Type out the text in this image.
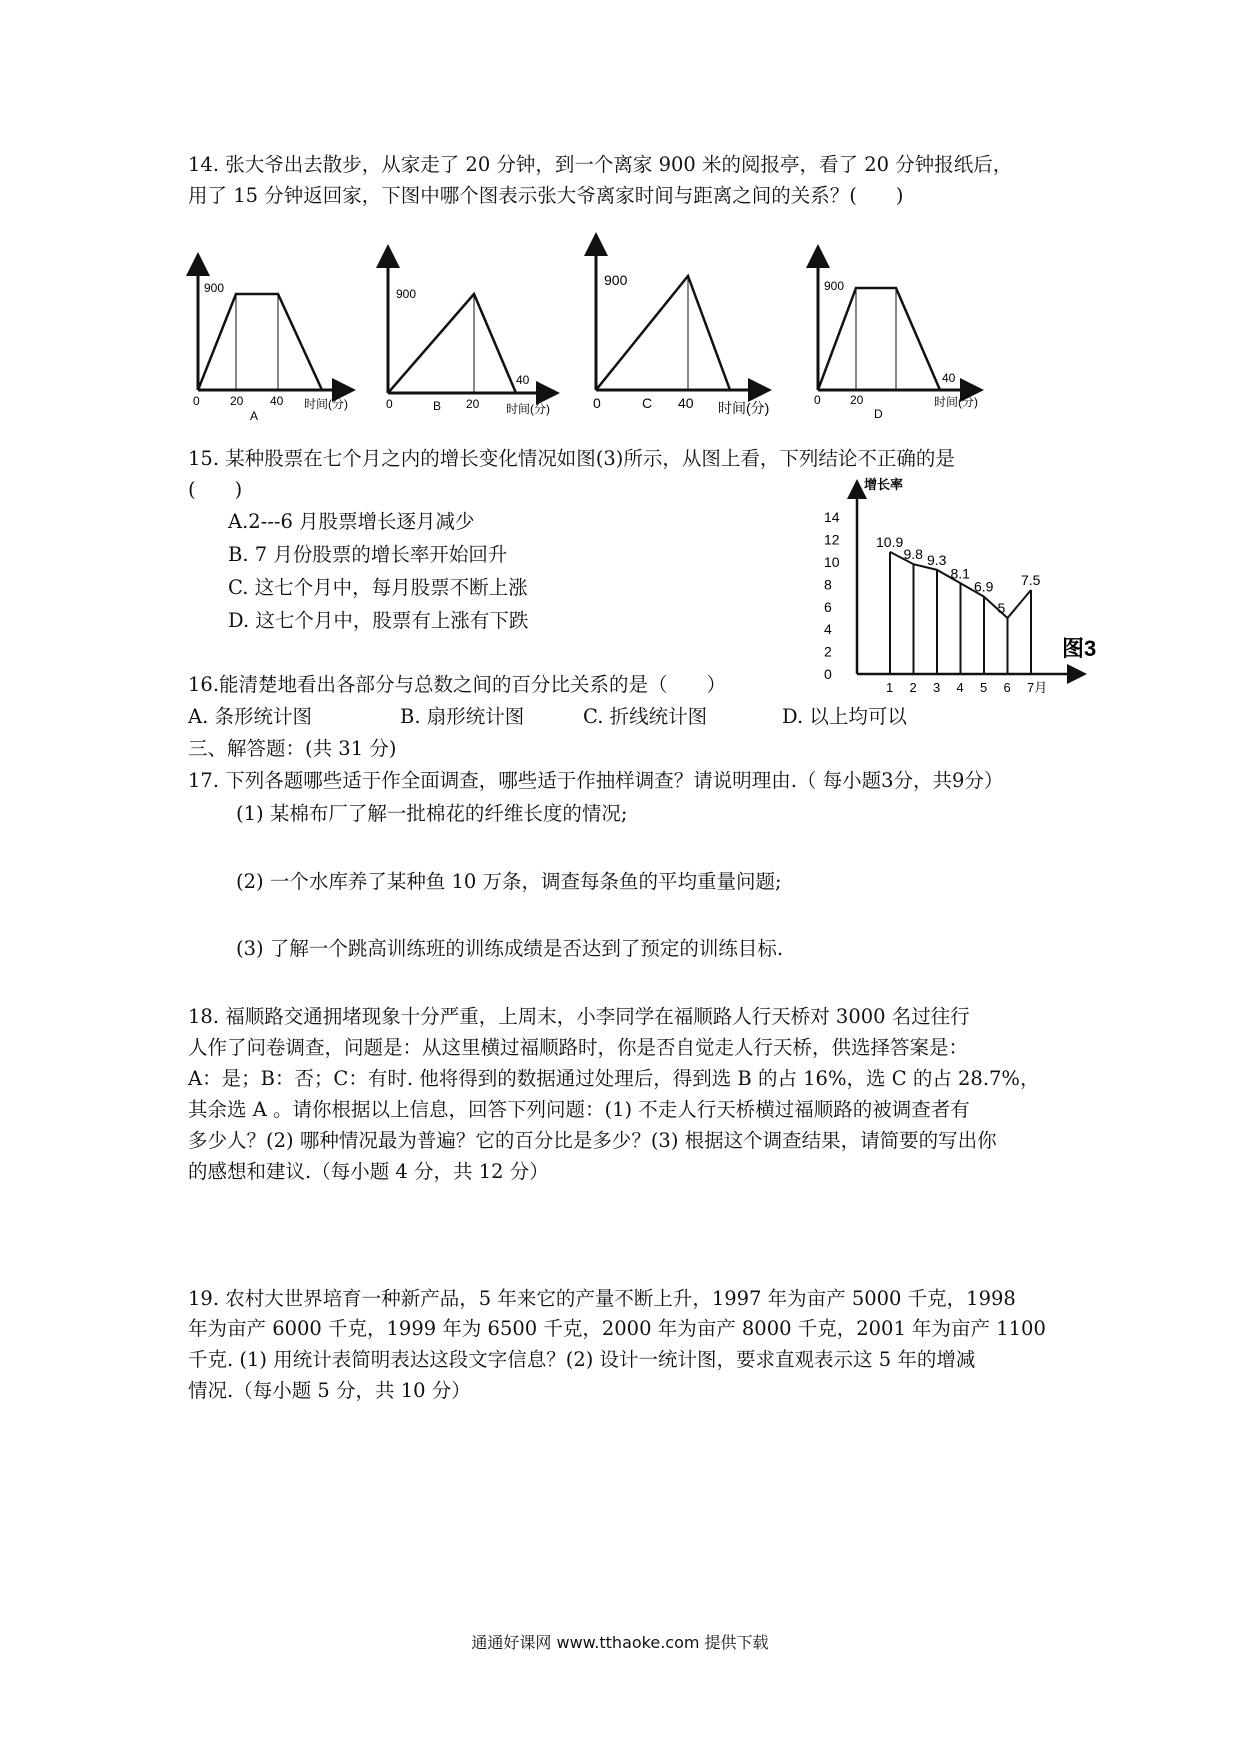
14. 张大爷出去散步，从家走了 20 分钟，到一个离家 900 米的阅报亭，看了 20 分钟报纸后，
用了 15 分钟返回家，下图中哪个图表示张大爷离家时间与距离之间的关系？(　　)
900
0	20 40 时间(分)
A
900
0	B 20
40
时间(分)
900
0	C 40 时间(分)
900
0 20
40
时间(分)
D
15. 某种股票在七个月之内的增长变化情况如图(3)所示，从图上看，下列结论不正确的是
(　　)
A.2---6 月股票增长逐月减少
B. 7 月份股票的增长率开始回升
C. 这七个月中，每月股票不断上涨
D. 这七个月中，股票有上涨有下跌
增长率
图3
0
2
4
6
8
10
12
14
10.9
9.8 9.3
8.1
6.9
5
7.5
1 2 3 4 5 6 7月
16.能清楚地看出各部分与总数之间的百分比关系的是（　　）
A. 条形统计图	B. 扇形统计图	C. 折线统计图	D. 以上均可以
三、解答题：(共 31 分)
17. 下列各题哪些适于作全面调查，哪些适于作抽样调查？请说明理由.（ 每小题3分，共9分）
(1) 某棉布厂了解一批棉花的纤维长度的情况;
(2) 一个水库养了某种鱼 10 万条，调查每条鱼的平均重量问题;
(3) 了解一个跳高训练班的训练成绩是否达到了预定的训练目标.
18. 福顺路交通拥堵现象十分严重，上周末，小李同学在福顺路人行天桥对 3000 名过往行
人作了问卷调查，问题是：从这里横过福顺路时，你是否自觉走人行天桥，供选择答案是：
A：是；B：否；C：有时. 他将得到的数据通过处理后，得到选 B 的占 16%，选 C 的占 28.7%，
其余选 A 。请你根据以上信息，回答下列问题：(1) 不走人行天桥横过福顺路的被调查者有
多少人？(2) 哪种情况最为普遍？它的百分比是多少？(3) 根据这个调查结果，请简要的写出你
的感想和建议.（每小题 4 分，共 12 分）
19. 农村大世界培育一种新产品，5 年来它的产量不断上升，1997 年为亩产 5000 千克，1998
年为亩产 6000 千克，1999 年为 6500 千克，2000 年为亩产 8000 千克，2001 年为亩产 1100
千克. (1) 用统计表简明表达这段文字信息？(2) 设计一统计图，要求直观表示这 5 年的增减
情况.（每小题 5 分，共 10 分）
通通好课网 www.tthaoke.com 提供下载
